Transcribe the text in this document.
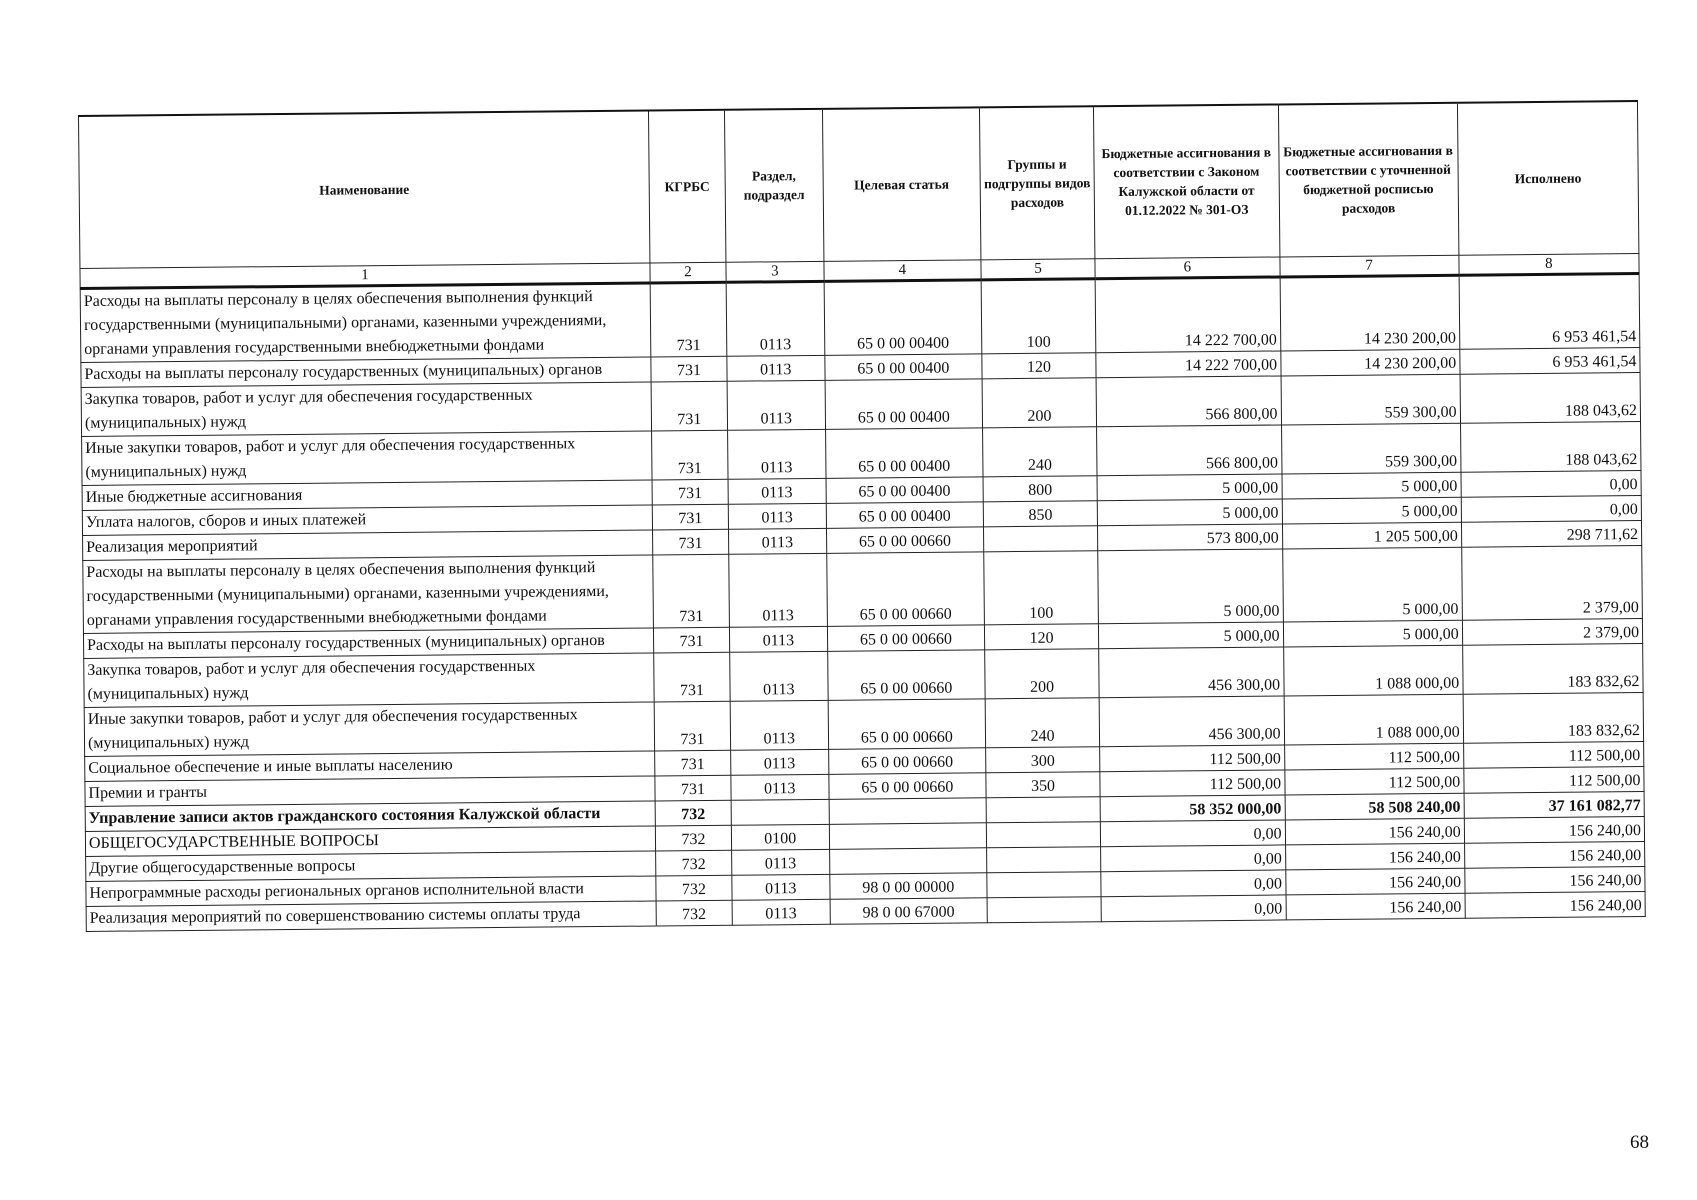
Наименование	КГРБС	Раздел, подраздел	Целевая статья	Группы и подгруппы видов расходов	Бюджетные ассигнования в соответствии с Законом Калужской области от 01.12.2022 № 301-ОЗ	Бюджетные ассигнования в соответствии с уточненной бюджетной росписью расходов	Исполнено
1	2	3	4	5	6	7	8
Расходы на выплаты персоналу в целях обеспечения выполнения функций государственными (муниципальными) органами, казенными учреждениями, органами управления государственными внебюджетными фондами	731	0113	65 0 00 00400	100	14 222 700,00	14 230 200,00	6 953 461,54
Расходы на выплаты персоналу государственных (муниципальных) органов	731	0113	65 0 00 00400	120	14 222 700,00	14 230 200,00	6 953 461,54
Закупка товаров, работ и услуг для обеспечения государственных (муниципальных) нужд	731	0113	65 0 00 00400	200	566 800,00	559 300,00	188 043,62
Иные закупки товаров, работ и услуг для обеспечения государственных (муниципальных) нужд	731	0113	65 0 00 00400	240	566 800,00	559 300,00	188 043,62
Иные бюджетные ассигнования	731	0113	65 0 00 00400	800	5 000,00	5 000,00	0,00
Уплата налогов, сборов и иных платежей	731	0113	65 0 00 00400	850	5 000,00	5 000,00	0,00
Реализация мероприятий	731	0113	65 0 00 00660		573 800,00	1 205 500,00	298 711,62
Расходы на выплаты персоналу в целях обеспечения выполнения функций государственными (муниципальными) органами, казенными учреждениями, органами управления государственными внебюджетными фондами	731	0113	65 0 00 00660	100	5 000,00	5 000,00	2 379,00
Расходы на выплаты персоналу государственных (муниципальных) органов	731	0113	65 0 00 00660	120	5 000,00	5 000,00	2 379,00
Закупка товаров, работ и услуг для обеспечения государственных (муниципальных) нужд	731	0113	65 0 00 00660	200	456 300,00	1 088 000,00	183 832,62
Иные закупки товаров, работ и услуг для обеспечения государственных (муниципальных) нужд	731	0113	65 0 00 00660	240	456 300,00	1 088 000,00	183 832,62
Социальное обеспечение и иные выплаты населению	731	0113	65 0 00 00660	300	112 500,00	112 500,00	112 500,00
Премии и гранты	731	0113	65 0 00 00660	350	112 500,00	112 500,00	112 500,00
Управление записи актов гражданского состояния Калужской области	732				58 352 000,00	58 508 240,00	37 161 082,77
ОБЩЕГОСУДАРСТВЕННЫЕ ВОПРОСЫ	732	0100			0,00	156 240,00	156 240,00
Другие общегосударственные вопросы	732	0113			0,00	156 240,00	156 240,00
Непрограммные расходы региональных органов исполнительной власти	732	0113	98 0 00 00000		0,00	156 240,00	156 240,00
Реализация мероприятий по совершенствованию системы оплаты труда	732	0113	98 0 00 67000		0,00	156 240,00	156 240,00
68
